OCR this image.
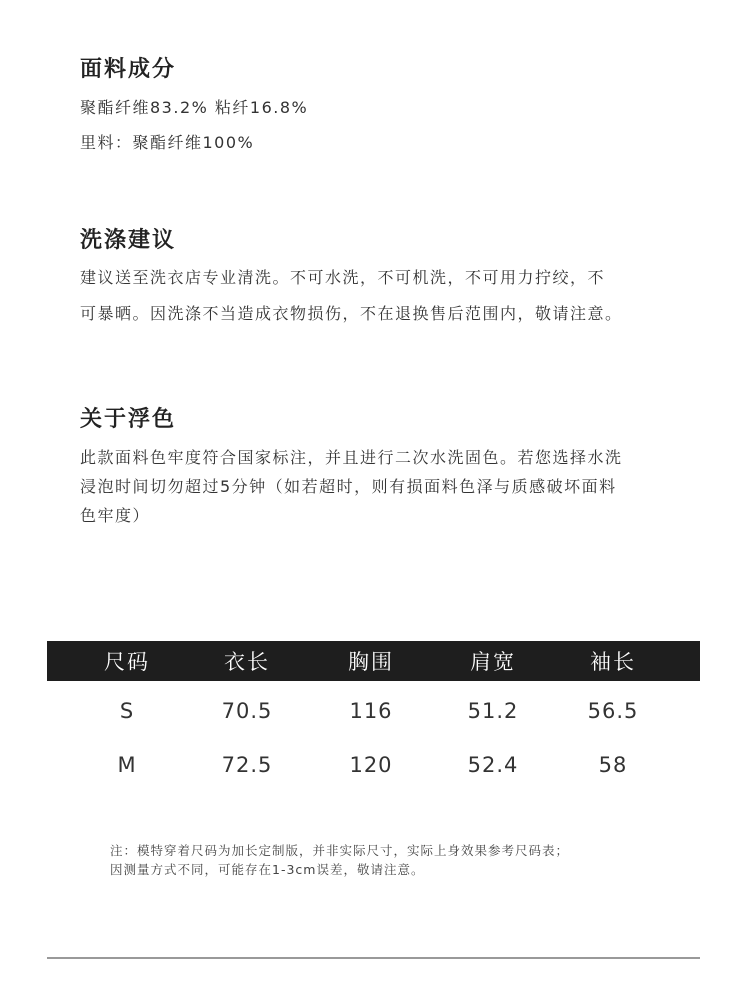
面料成分

聚酯纤维83.2% 粘纤16.8%

里料：聚酯纤维100%

洗涤建议

建议送至洗衣店专业清洗。不可水洗，不可机洗，不可用力拧绞，不

可暴晒。因洗涤不当造成衣物损伤，不在退换售后范围内，敬请注意。

关于浮色

此款面料色牢度符合国家标注，并且进行二次水洗固色。若您选择水洗

浸泡时间切勿超过5分钟（如若超时，则有损面料色泽与质感破坏面料

色牢度）

尺码	衣长	胸围	肩宽	袖长
S	70.5	116	51.2	56.5
M	72.5	120	52.4	58

注：模特穿着尺码为加长定制版，并非实际尺寸，实际上身效果参考尺码表；

因测量方式不同，可能存在1-3cm误差，敬请注意。
